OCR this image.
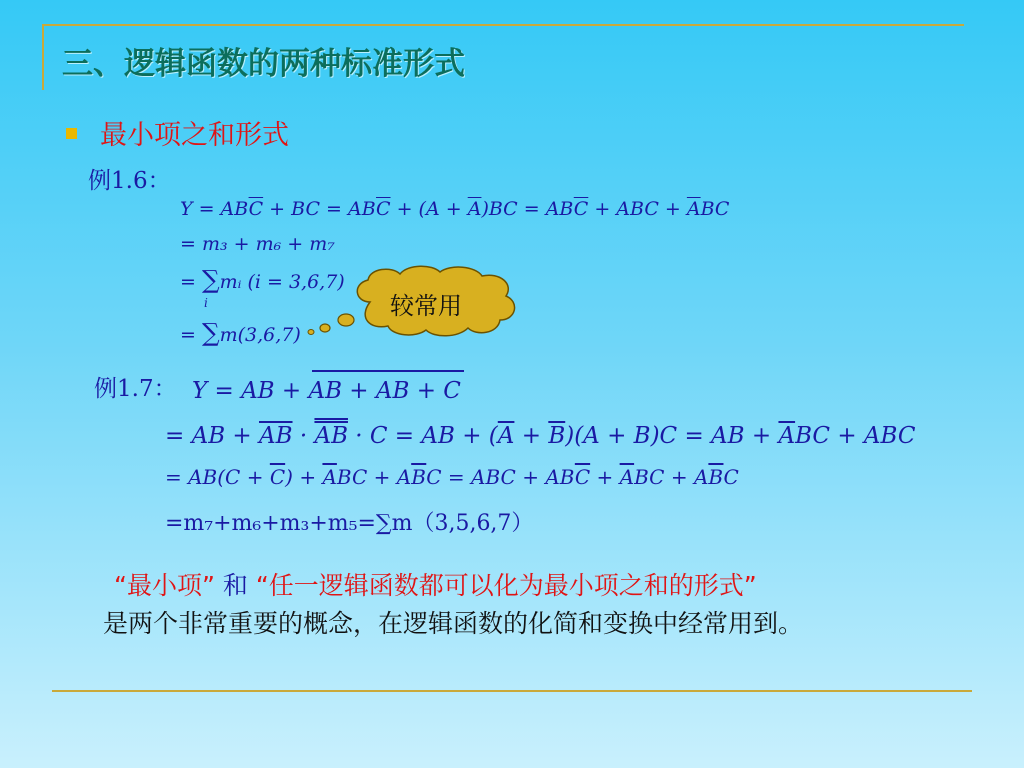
三、逻辑函数的两种标准形式
最小项之和形式
例1.6：
$Y = AB\overline{C}$ + BC = $AB\overline{C} + (A + \overline{A})BC = AB\overline{C}$ + ABC + $\overline{A}BC$
= m₃ + m₆ + m₇
= ∑mᵢ (i = 3,6,7)
i
= ∑m(3,6,7)
较常用
例1.7： Y = AB + AB + AB + C
= AB + $\overline{AB}$ · AB · C = AB + $(\overline{A} + \overline{B})(A + B)C$ = AB + $\overline{A}BC$ + ABC
= $AB(C + \overline{C}) + \overline{A}BC + A\overline{B}C$ = ABC + $AB\overline{C} + \overline{A}BC + A\overline{B}C$
=m₇+m₆+m₃+m₅=∑m（3,5,6,7）
“最小项” 和 “任一逻辑函数都可以化为最小项之和的形式”
是两个非常重要的概念，在逻辑函数的化简和变换中经常用到。
